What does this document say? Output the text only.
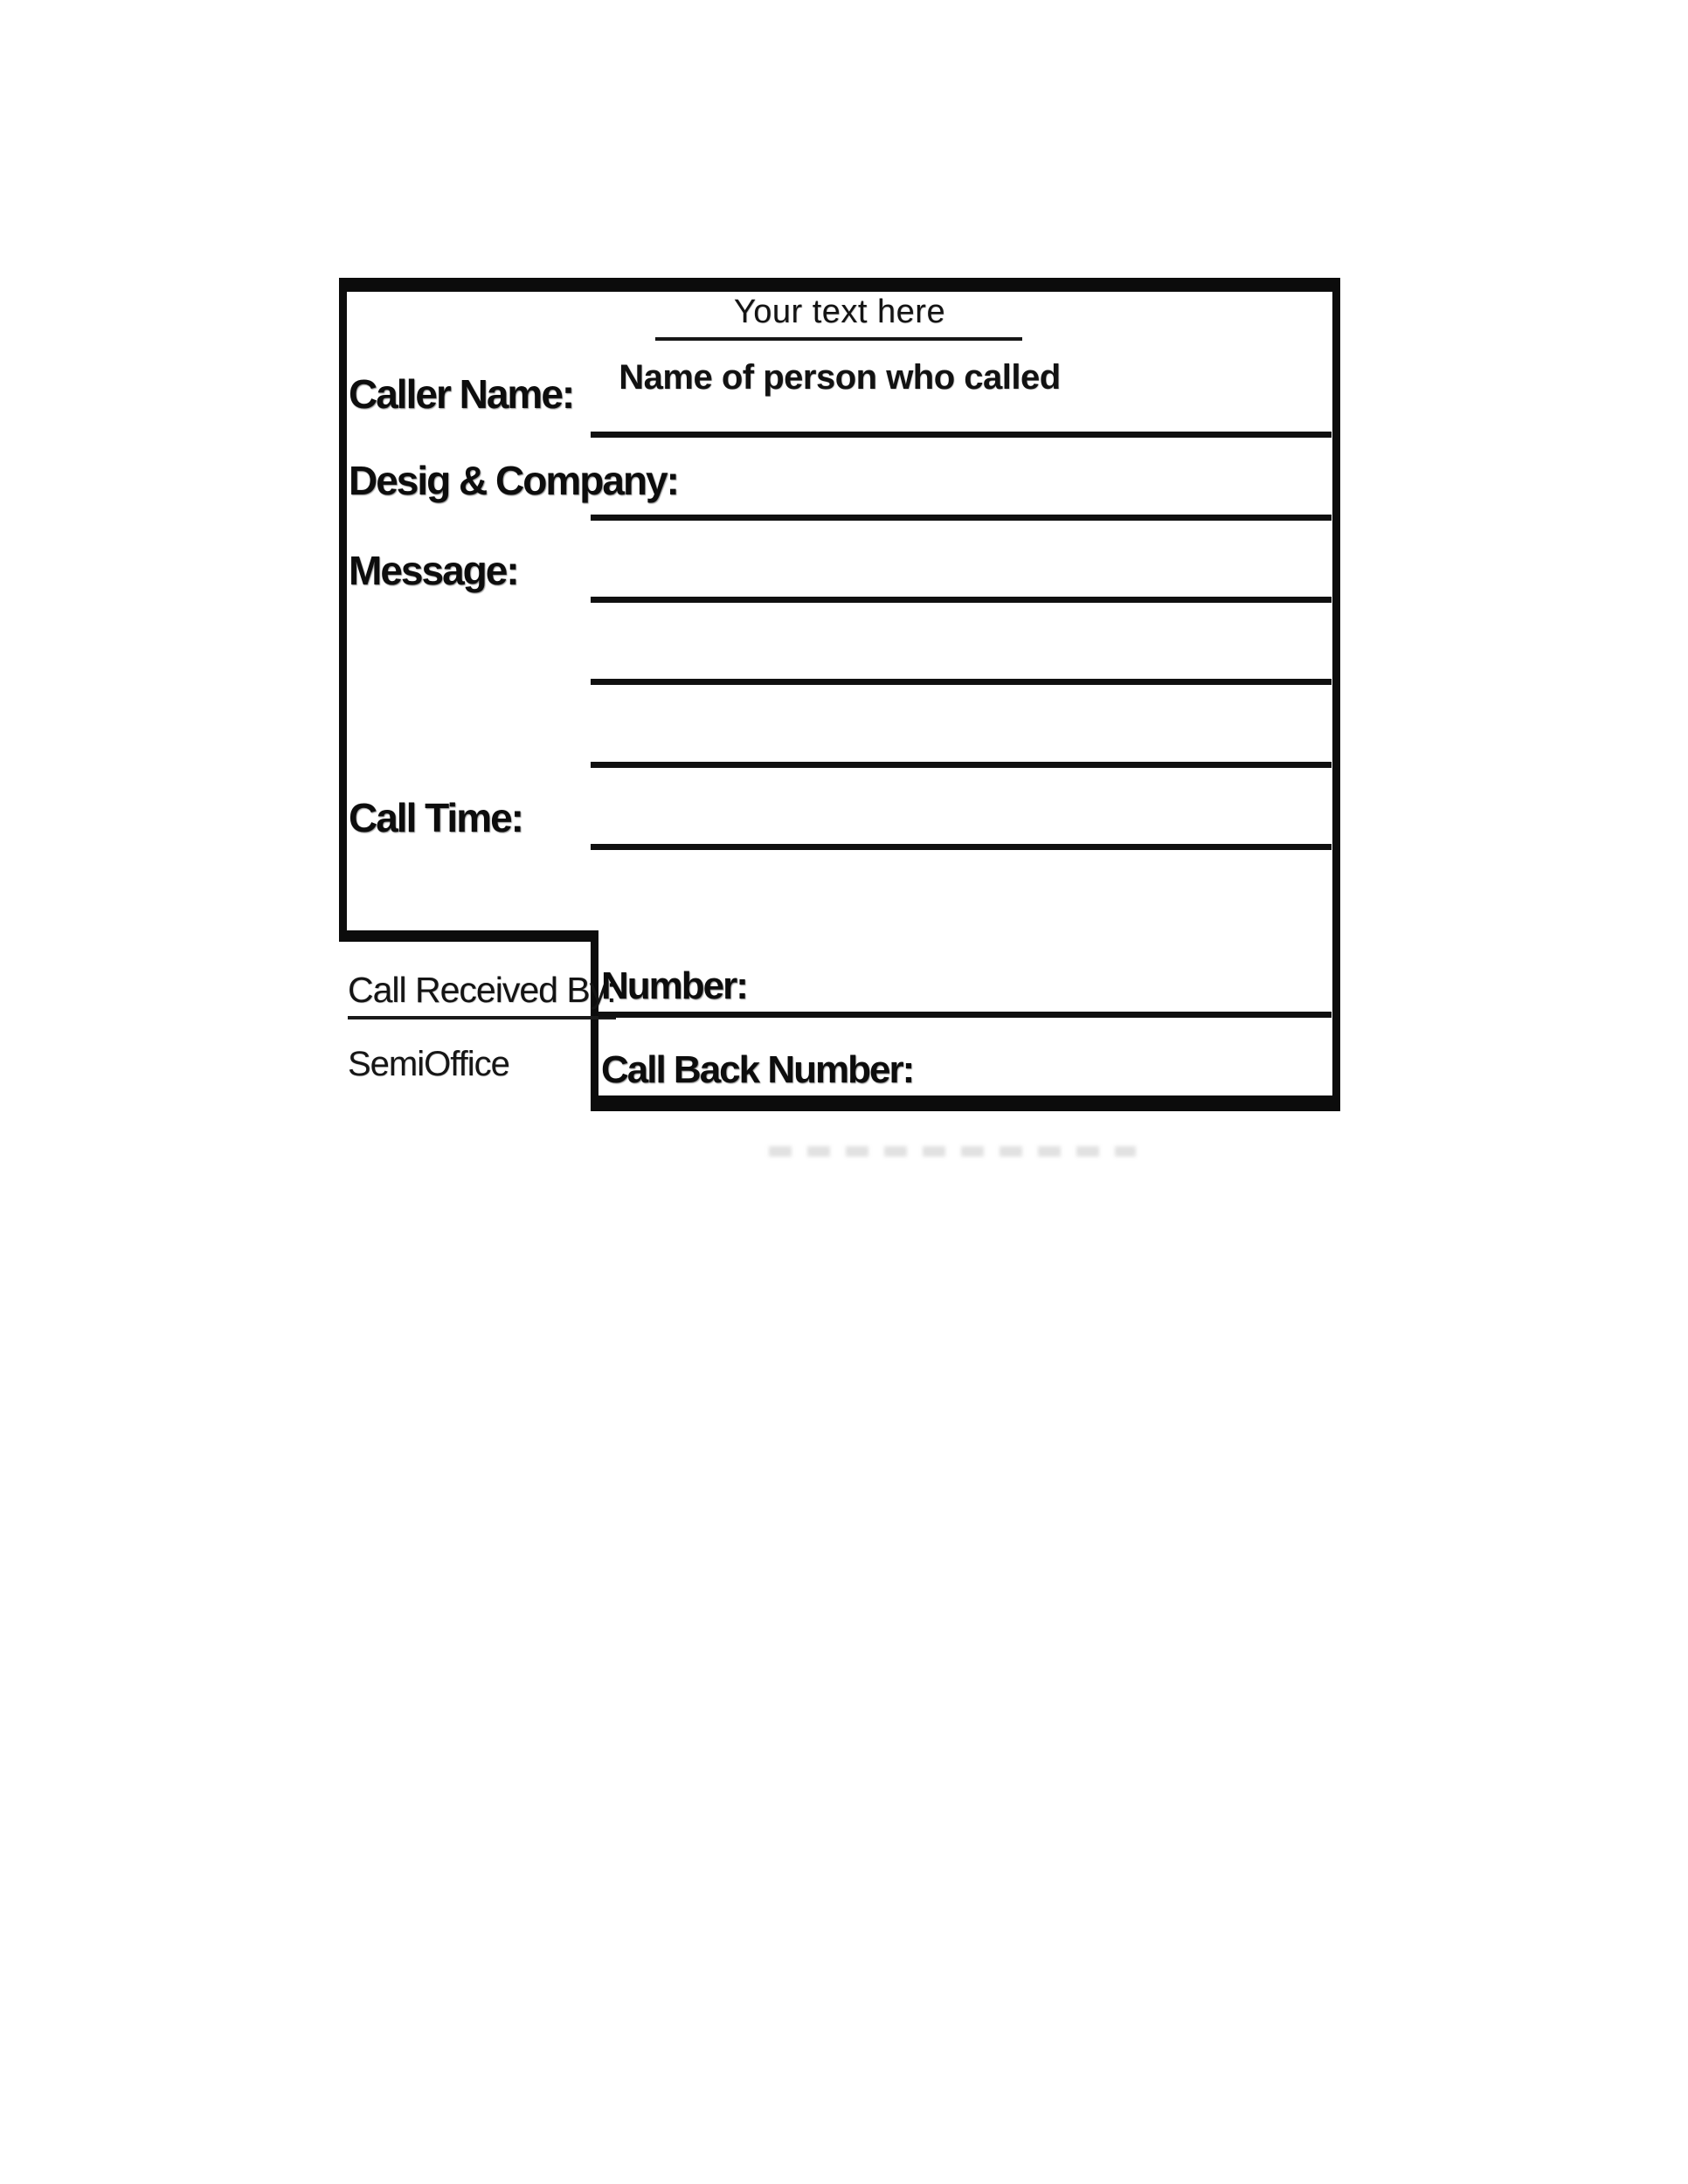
Your text here
Name of person who called
Caller Name:
Desig & Company:
Message:
Call Time:
Call Received By:
SemiOffice
Number:
Call Back Number:
